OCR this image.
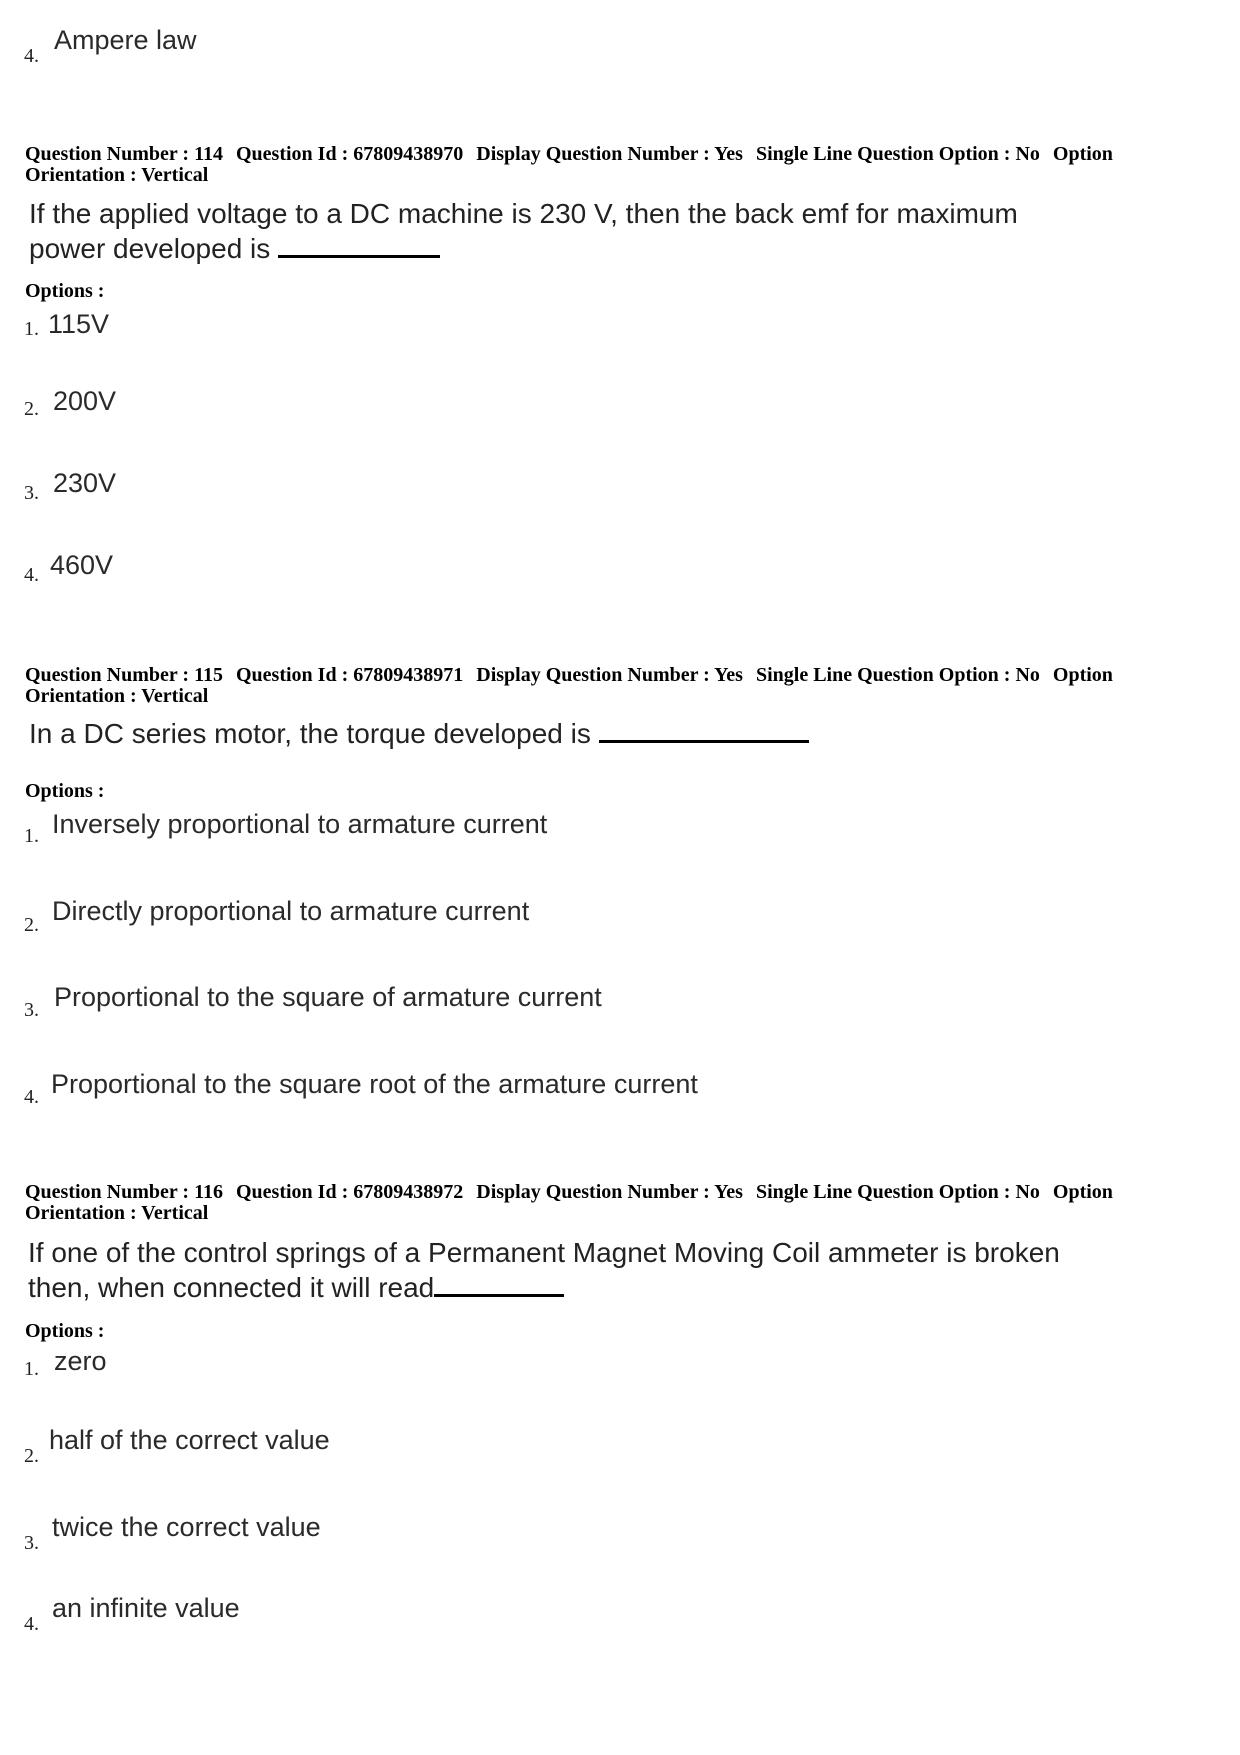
4.
Ampere law
Question Number : 114 Question Id : 67809438970 Display Question Number : Yes Single Line Question Option : No Option Orientation : Vertical
If the applied voltage to a DC machine is 230 V, then the back emf for maximum
power developed is
Options :
1. 115V
2. 200V
3. 230V
4. 460V
Question Number : 115 Question Id : 67809438971 Display Question Number : Yes Single Line Question Option : No Option Orientation : Vertical
In a DC series motor, the torque developed is
Options :
1. Inversely proportional to armature current
2. Directly proportional to armature current
3. Proportional to the square of armature current
4. Proportional to the square root of the armature current
Question Number : 116 Question Id : 67809438972 Display Question Number : Yes Single Line Question Option : No Option Orientation : Vertical
If one of the control springs of a Permanent Magnet Moving Coil ammeter is broken
then, when connected it will read
Options :
1. zero
2.
half of the correct value
3.
twice the correct value
4.
an infinite value
